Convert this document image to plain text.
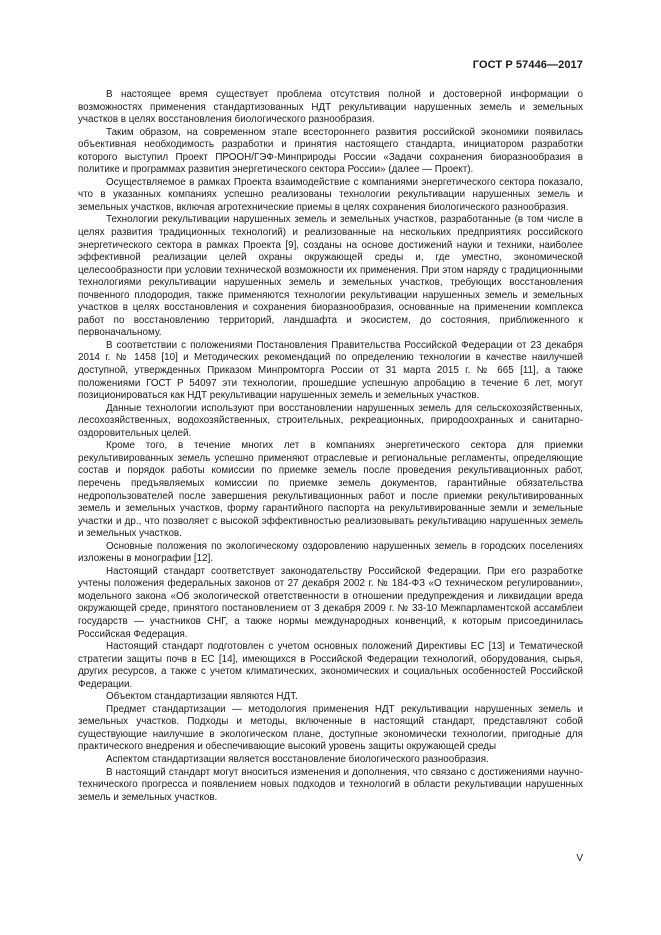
ГОСТ Р 57446—2017

В настоящее время существует проблема отсутствия полной и достоверной информации о возможностях применения стандартизованных НДТ рекультивации нарушенных земель и земельных участков в целях восстановления биологического разнообразия.

Таким образом, на современном этапе всестороннего развития российской экономики появилась объективная необходимость разработки и принятия настоящего стандарта, инициатором разработки которого выступил Проект ПРООН/ГЭФ-Минприроды России «Задачи сохранения биоразнообразия в политике и программах развития энергетического сектора России» (далее — Проект).

Осуществляемое в рамках Проекта взаимодействие с компаниями энергетического сектора показало, что в указанных компаниях успешно реализованы технологии рекультивации нарушенных земель и земельных участков, включая агротехнические приемы в целях сохранения биологического разнообразия.

Технологии рекультивации нарушенных земель и земельных участков, разработанные (в том числе в целях развития традиционных технологий) и реализованные на нескольких предприятиях российского энергетического сектора в рамках Проекта [9], созданы на основе достижений науки и техники, наиболее эффективной реализации целей охраны окружающей среды и, где уместно, экономической целесообразности при условии технической возможности их применения. При этом наряду с традиционными технологиями рекультивации нарушенных земель и земельных участков, требующих восстановления почвенного плодородия, также применяются технологии рекультивации нарушенных земель и земельных участков в целях восстановления и сохранения биоразнообразия, основанные на применении комплекса работ по восстановлению территорий, ландшафта и экосистем, до состояния, приближенного к первоначальному.

В соответствии с положениями Постановления Правительства Российской Федерации от 23 декабря 2014 г. № 1458 [10] и Методических рекомендаций по определению технологии в качестве наилучшей доступной, утвержденных Приказом Минпромторга России от 31 марта 2015 г. № 665 [11], а также положениями ГОСТ Р 54097 эти технологии, прошедшие успешную апробацию в течение 6 лет, могут позиционироваться как НДТ рекультивации нарушенных земель и земельных участков.

Данные технологии используют при восстановлении нарушенных земель для сельскохозяйственных, лесохозяйственных, водохозяйственных, строительных, рекреационных, природоохранных и санитарно-оздоровительных целей.

Кроме того, в течение многих лет в компаниях энергетического сектора для приемки рекультивированных земель успешно применяют отраслевые и региональные регламенты, определяющие состав и порядок работы комиссии по приемке земель после проведения рекультивационных работ, перечень предъявляемых комиссии по приемке земель документов, гарантийные обязательства недропользователей после завершения рекультивационных работ и после приемки рекультивированных земель и земельных участков, форму гарантийного паспорта на рекультивированные земли и земельные участки и др., что позволяет с высокой эффективностью реализовывать рекультивацию нарушенных земель и земельных участков.

Основные положения по экологическому оздоровлению нарушенных земель в городских поселениях изложены в монографии [12].

Настоящий стандарт соответствует законодательству Российской Федерации. При его разработке учтены положения федеральных законов от 27 декабря 2002 г. № 184-ФЗ «О техническом регулировании», модельного закона «Об экологической ответственности в отношении предупреждения и ликвидации вреда окружающей среде, принятого постановлением от 3 декабря 2009 г. № 33-10 Межпарламентской ассамблеи государств — участников СНГ, а также нормы международных конвенций, к которым присоединилась Российская Федерация.

Настоящий стандарт подготовлен с учетом основных положений Директивы ЕС [13] и Тематической стратегии защиты почв в ЕС [14], имеющихся в Российской Федерации технологий, оборудования, сырья, других ресурсов, а также с учетом климатических, экономических и социальных особенностей Российской Федерации.

Объектом стандартизации являются НДТ.

Предмет стандартизации — методология применения НДТ рекультивации нарушенных земель и земельных участков. Подходы и методы, включенные в настоящий стандарт, представляют собой существующие наилучшие в экологическом плане, доступные экономически технологии, пригодные для практического внедрения и обеспечивающие высокий уровень защиты окружающей среды

Аспектом стандартизации является восстановление биологического разнообразия.

В настоящий стандарт могут вноситься изменения и дополнения, что связано с достижениями научно-технического прогресса и появлением новых подходов и технологий в области рекультивации нарушенных земель и земельных участков.

V
